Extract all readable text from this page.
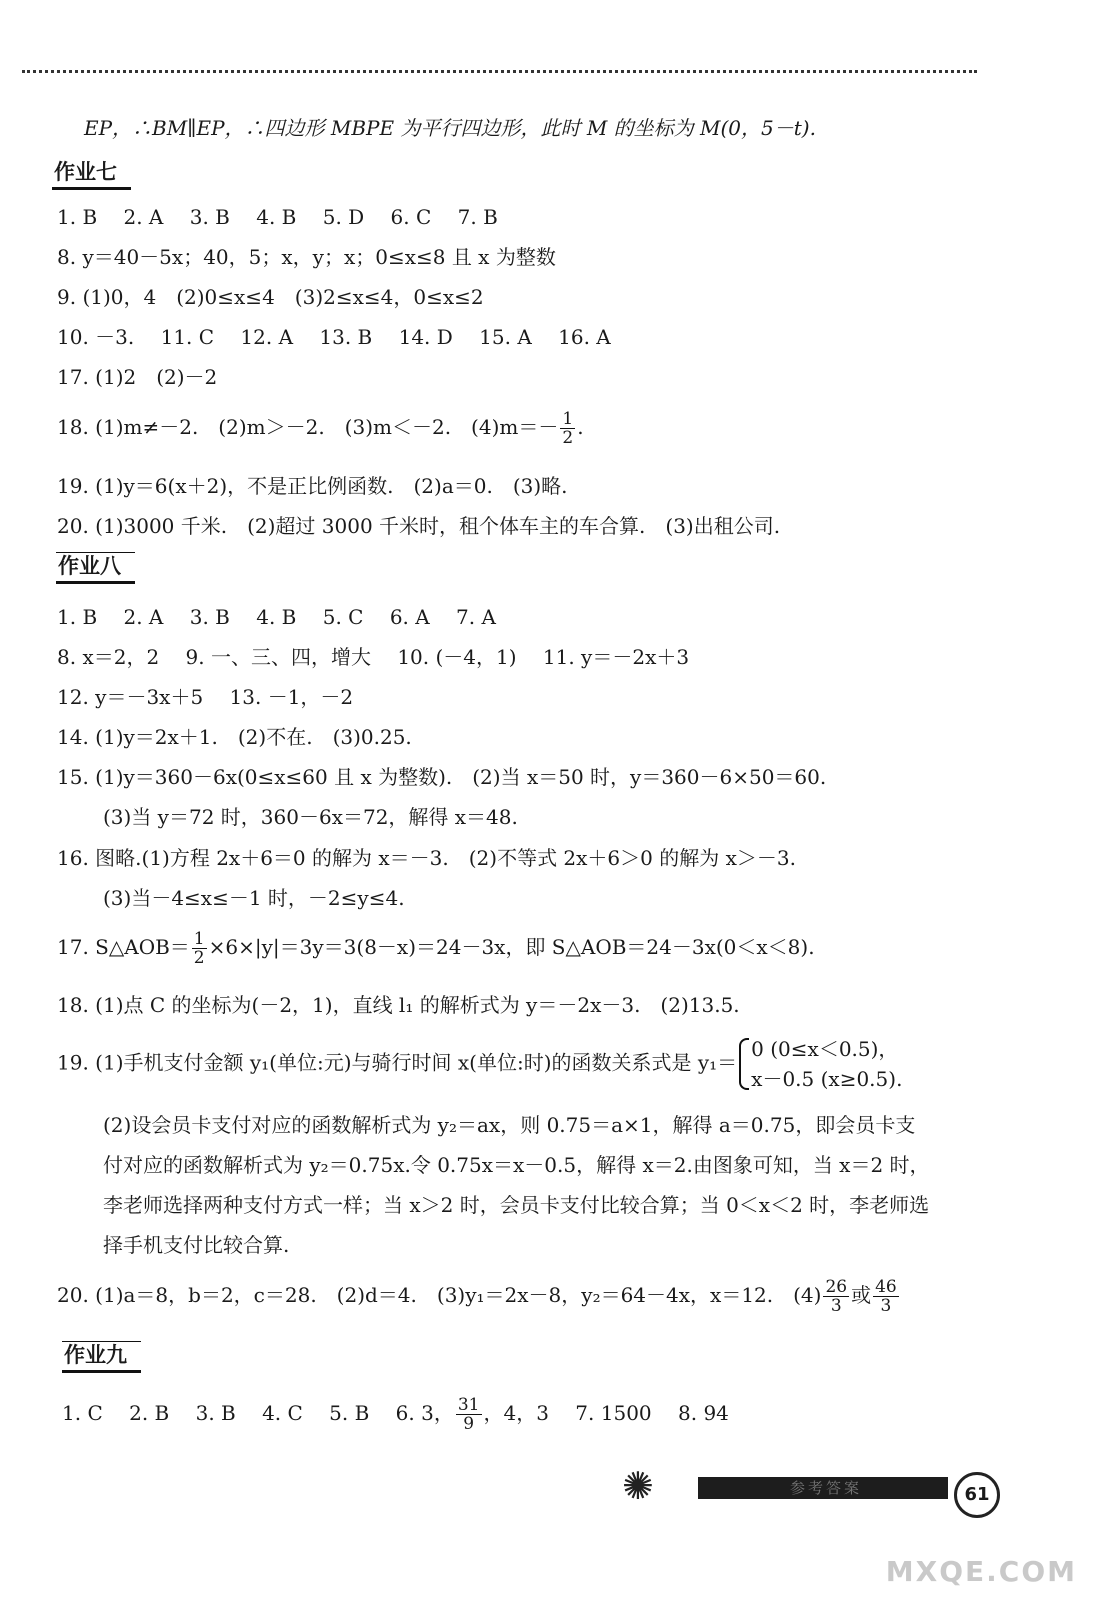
EP，∴BM∥EP，∴四边形 MBPE 为平行四边形，此时 M 的坐标为 M(0，5－t).
作业七
1. B　 2. A　 3. B　 4. B　 5. D　 6. C　 7. B
8. y＝40－5x；40，5；x，y；x；0≤x≤8 且 x 为整数
9. (1)0，4　(2)0≤x≤4　(3)2≤x≤4，0≤x≤2
10. －3.　 11. C　 12. A　 13. B　 14. D　 15. A　 16. A
17. (1)2　(2)－2
18. (1)m≠－2.　(2)m＞－2.　(3)m＜－2.　$(4)m=- \frac{1}{2}$ .
19. (1)y＝6(x＋2)，不是正比例函数.　(2)a＝0.　(3)略.
20. (1)3000 千米.　(2)超过 3000 千米时，租个体车主的车合算.　(3)出租公司.
作业八
1. B　 2. A　 3. B　 4. B　 5. C　 6. A　 7. A
8. x＝2，2　 9. 一、三、四，增大　 10. (－4，1)　 11. y＝－2x＋3
12. y＝－3x＋5　 13. －1，－2
14. (1)y＝2x＋1.　(2)不在.　(3)0.25.
15. (1)y＝360－6x(0≤x≤60 且 x 为整数).　(2)当 x＝50 时，y＝360－6×50＝60.
(3)当 y＝72 时，360－6x＝72，解得 x＝48.
16. 图略.(1)方程 2x＋6＝0 的解为 x＝－3.　(2)不等式 2x＋6＞0 的解为 x＞－3.
(3)当－4≤x≤－1 时，－2≤y≤4.
17. S△AOB＝ $\frac{1}{2} \times 6\times|y|=3y=3(8-x)=24-3x$，即 S△AOB＝24－3x(0＜x＜8).
18. (1)点 C 的坐标为(－2，1)，直线 l₁ 的解析式为 y＝－2x－3.　(2)13.5.
19. (1)手机支付金额 y₁(单位:元)与骑行时间 x(单位:时)的函数关系式是 y₁＝
0 (0≤x＜0.5)，
x－0.5 (x≥0.5).
(2)设会员卡支付对应的函数解析式为 y₂＝ax，则 0.75＝a×1，解得 a＝0.75，即会员卡支
付对应的函数解析式为 y₂＝0.75x.令 0.75x＝x－0.5，解得 x＝2.由图象可知，当 x＝2 时，
李老师选择两种支付方式一样；当 x＞2 时，会员卡支付比较合算；当 0＜x＜2 时，李老师选
择手机支付比较合算.
20. (1)a＝8，b＝2，c＝28.　(2)d＝4.　(3)y₁＝2x－8，y₂＝64－4x，x＝12.　$(4) \frac{26}{3}$ 或 $\frac{46}{3}$
作业九
1. C　 2. B　 3. B　 4. C　 5. B　 6. 3， $\frac{31}{9}$ ，4，3　 7. 1500　 8. 94
✺	参考答案	61
MXQE.COM
